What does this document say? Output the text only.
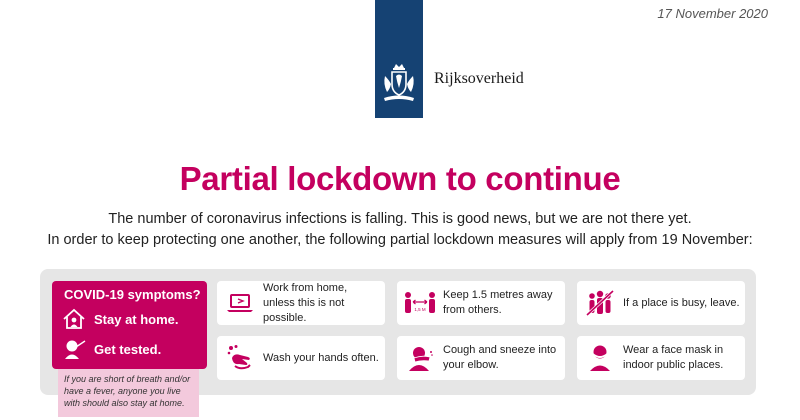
17 November 2020
Rijksoverheid
Partial lockdown to continue
The number of coronavirus infections is falling. This is good news, but we are not there yet.
In order to keep protecting one another, the following partial lockdown measures will apply from 19 November:
COVID-19 symptoms?
Stay at home.
Get tested.
If you are short of breath and/or have a fever, anyone you live with should also stay at home.
Work from home, unless this is not possible.
1,5 M
Keep 1.5 metres away from others.
If a place is busy, leave.
Wash your hands often.
Cough and sneeze into your elbow.
Wear a face mask in indoor public places.
